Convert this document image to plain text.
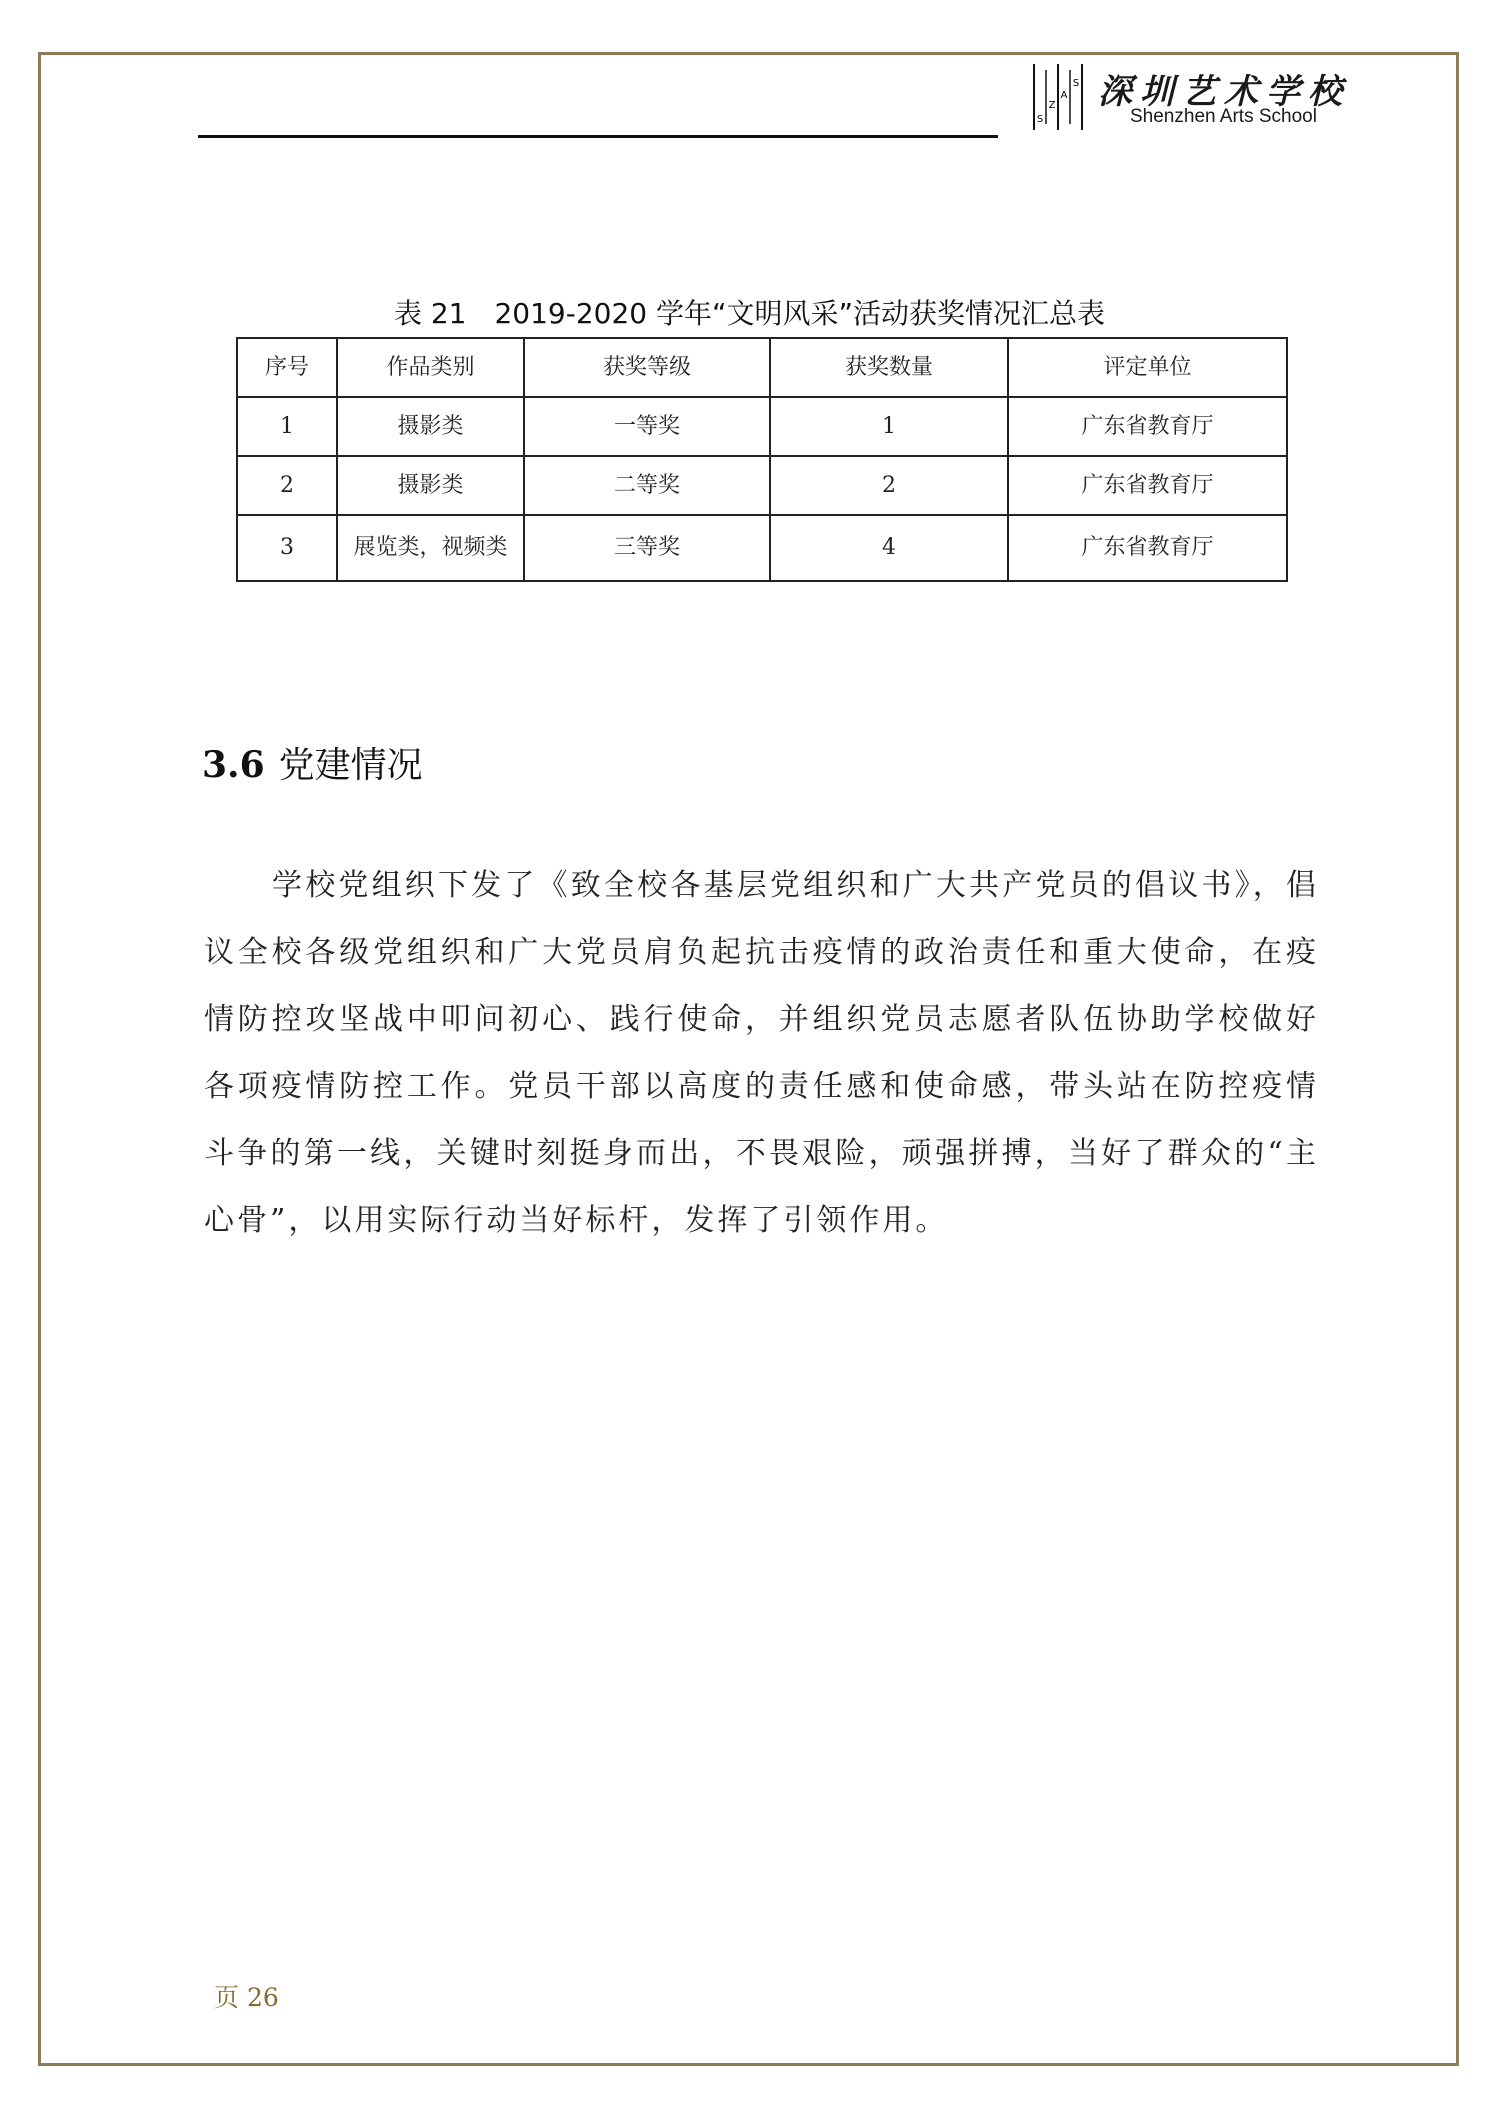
S
Z
A
S 深圳艺术学校
Shenzhen Arts School
表 21　2019-2020 学年“文明风采”活动获奖情况汇总表
序号	作品类别	获奖等级	获奖数量	评定单位
1	摄影类	一等奖	1	广东省教育厅
2	摄影类	二等奖	2	广东省教育厅
3	展览类，视频类	三等奖	4	广东省教育厅
3.6 党建情况

学校党组织下发了《致全校各基层党组织和广大共产党员的倡议书》，倡议全校各级党组织和广大党员肩负起抗击疫情的政治责任和重大使命，在疫情防控攻坚战中叩问初心、践行使命，并组织党员志愿者队伍协助学校做好各项疫情防控工作。党员干部以高度的责任感和使命感，带头站在防控疫情斗争的第一线，关键时刻挺身而出，不畏艰险，顽强拼搏，当好了群众的“主心骨”，以用实际行动当好标杆，发挥了引领作用。

页 26
